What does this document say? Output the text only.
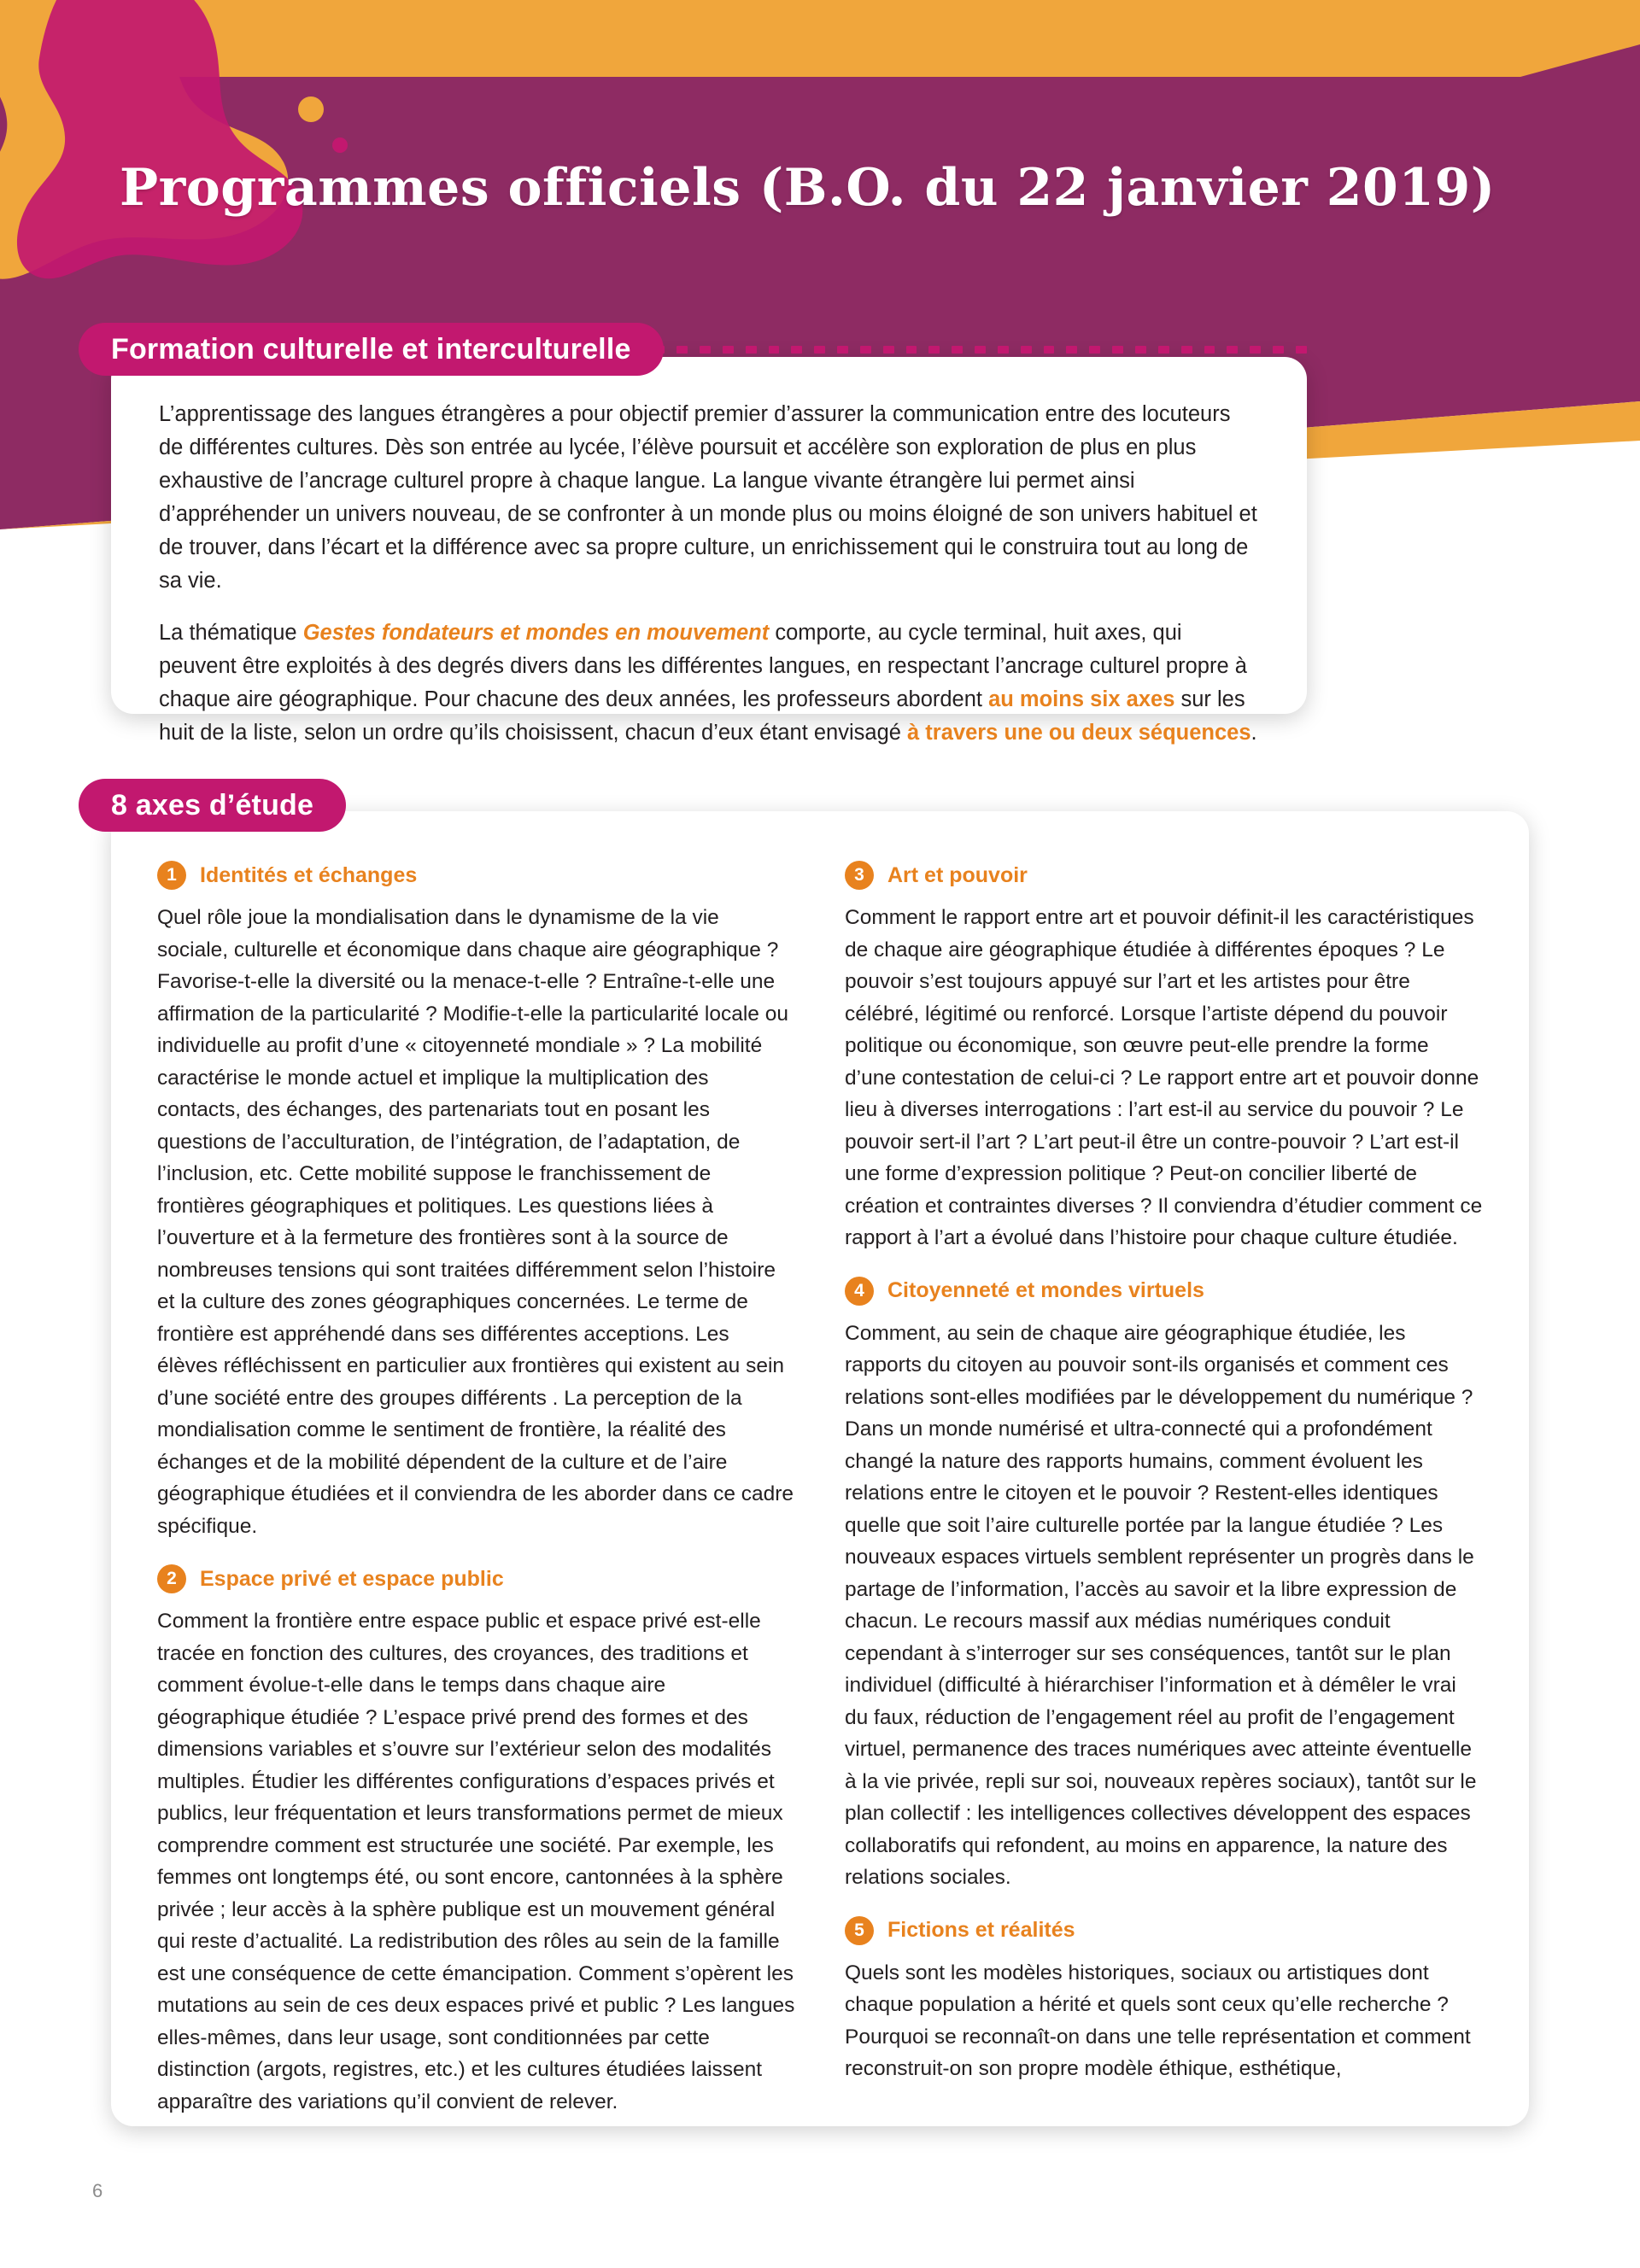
Programmes officiels (B.O. du 22 janvier 2019)
Formation culturelle et interculturelle

L’apprentissage des langues étrangères a pour objectif premier d’assurer la communication entre des locuteurs de différentes cultures. Dès son entrée au lycée, l’élève poursuit et accélère son exploration de plus en plus exhaustive de l’ancrage culturel propre à chaque langue. La langue vivante étrangère lui permet ainsi d’appréhender un univers nouveau, de se confronter à un monde plus ou moins éloigné de son univers habituel et de trouver, dans l’écart et la différence avec sa propre culture, un enrichissement qui le construira tout au long de sa vie.

La thématique Gestes fondateurs et mondes en mouvement comporte, au cycle terminal, huit axes, qui peuvent être exploités à des degrés divers dans les différentes langues, en respectant l’ancrage culturel propre à chaque aire géographique. Pour chacune des deux années, les professeurs abordent au moins six axes sur les huit de la liste, selon un ordre qu’ils choisissent, chacun d’eux étant envisagé à travers une ou deux séquences.

8 axes d’étude
1	Identités et échanges

Quel rôle joue la mondialisation dans le dynamisme de la vie sociale, culturelle et économique dans chaque aire géographique ? Favorise-t-elle la diversité ou la menace-t-elle ? Entraîne-t-elle une affirmation de la particularité ? Modifie-t-elle la particularité locale ou individuelle au profit d’une « citoyenneté mondiale » ? La mobilité caractérise le monde actuel et implique la multiplication des contacts, des échanges, des partenariats tout en posant les questions de l’acculturation, de l’intégration, de l’adaptation, de l’inclusion, etc. Cette mobilité suppose le franchissement de frontières géographiques et politiques. Les questions liées à l’ouverture et à la fermeture des frontières sont à la source de nombreuses tensions qui sont traitées différemment selon l’histoire et la culture des zones géographiques concernées. Le terme de frontière est appréhendé dans ses différentes acceptions. Les élèves réfléchissent en particulier aux frontières qui existent au sein d’une société entre des groupes différents . La perception de la mondialisation comme le sentiment de frontière, la réalité des échanges et de la mobilité dépendent de la culture et de l’aire géographique étudiées et il conviendra de les aborder dans ce cadre spécifique.

2	Espace privé et espace public

Comment la frontière entre espace public et espace privé est-elle tracée en fonction des cultures, des croyances, des traditions et comment évolue-t-elle dans le temps dans chaque aire géographique étudiée ? L’espace privé prend des formes et des dimensions variables et s’ouvre sur l’extérieur selon des modalités multiples. Étudier les différentes configurations d’espaces privés et publics, leur fréquentation et leurs transformations permet de mieux comprendre comment est structurée une société. Par exemple, les femmes ont longtemps été, ou sont encore, cantonnées à la sphère privée ; leur accès à la sphère publique est un mouvement général qui reste d’actualité. La redistribution des rôles au sein de la famille est une conséquence de cette émancipation. Comment s’opèrent les mutations au sein de ces deux espaces privé et public ? Les langues elles-mêmes, dans leur usage, sont conditionnées par cette distinction (argots, registres, etc.) et les cultures étudiées laissent apparaître des variations qu’il convient de relever.

3	Art et pouvoir

Comment le rapport entre art et pouvoir définit-il les caractéristiques de chaque aire géographique étudiée à différentes époques ? Le pouvoir s’est toujours appuyé sur l’art et les artistes pour être célébré, légitimé ou renforcé. Lorsque l’artiste dépend du pouvoir politique ou économique, son œuvre peut-elle prendre la forme d’une contestation de celui-ci ? Le rapport entre art et pouvoir donne lieu à diverses interrogations : l’art est-il au service du pouvoir ? Le pouvoir sert-il l’art ? L’art peut-il être un contre-pouvoir ? L’art est-il une forme d’expression politique ? Peut-on concilier liberté de création et contraintes diverses ? Il conviendra d’étudier comment ce rapport à l’art a évolué dans l’histoire pour chaque culture étudiée.

4	Citoyenneté et mondes virtuels

Comment, au sein de chaque aire géographique étudiée, les rapports du citoyen au pouvoir sont-ils organisés et comment ces relations sont-elles modifiées par le développement du numérique ? Dans un monde numérisé et ultra-connecté qui a profondément changé la nature des rapports humains, comment évoluent les relations entre le citoyen et le pouvoir ? Restent-elles identiques quelle que soit l’aire culturelle portée par la langue étudiée ? Les nouveaux espaces virtuels semblent représenter un progrès dans le partage de l’information, l’accès au savoir et la libre expression de chacun. Le recours massif aux médias numériques conduit cependant à s’interroger sur ses conséquences, tantôt sur le plan individuel (difficulté à hiérarchiser l’information et à démêler le vrai du faux, réduction de l’engagement réel au profit de l’engagement virtuel, permanence des traces numériques avec atteinte éventuelle à la vie privée, repli sur soi, nouveaux repères sociaux), tantôt sur le plan collectif : les intelligences collectives développent des espaces collaboratifs qui refondent, au moins en apparence, la nature des relations sociales.

5	Fictions et réalités

Quels sont les modèles historiques, sociaux ou artistiques dont chaque population a hérité et quels sont ceux qu’elle recherche ? Pourquoi se reconnaît-on dans une telle représentation et comment reconstruit-on son propre modèle éthique, esthétique,

6
